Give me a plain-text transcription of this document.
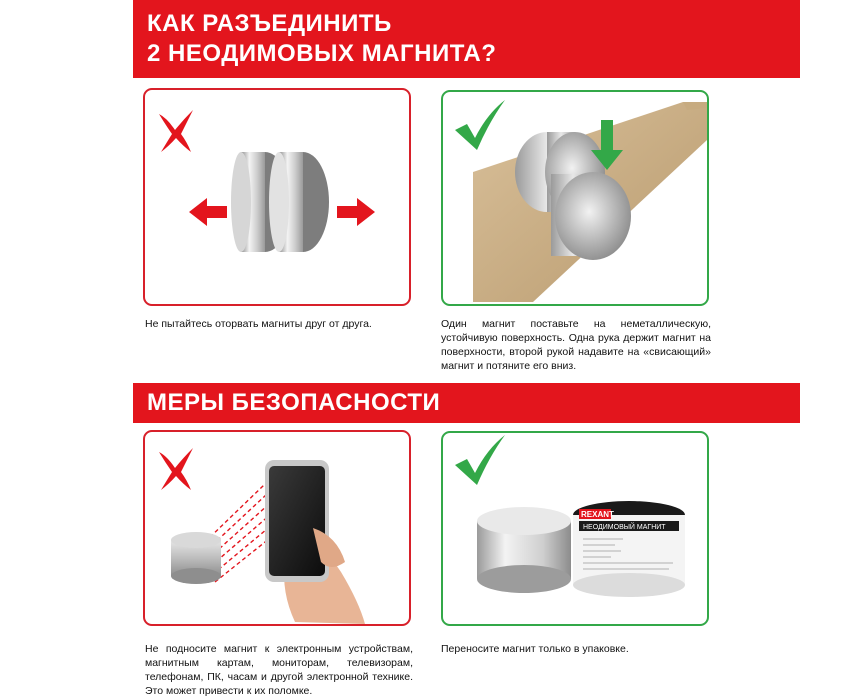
КАК РАЗЪЕДИНИТЬ
2 НЕОДИМОВЫХ МАГНИТА?
Не пытайтесь оторвать магниты друг от друга.	Один магнит поставьте на неметаллическую, устойчивую поверхность. Одна рука держит магнит на поверхности, второй рукой надавите на «свисающий» магнит и потяните его вниз.
МЕРЫ БЕЗОПАСНОСТИ
Не подносите магнит к электронным устройствам, магнитным картам, мониторам, телевизорам, телефонам, ПК, часам и другой электронной технике. Это может привести к их поломке.
REXANT
НЕОДИМОВЫЙ МАГНИТ
Переносите магнит только в упаковке.
